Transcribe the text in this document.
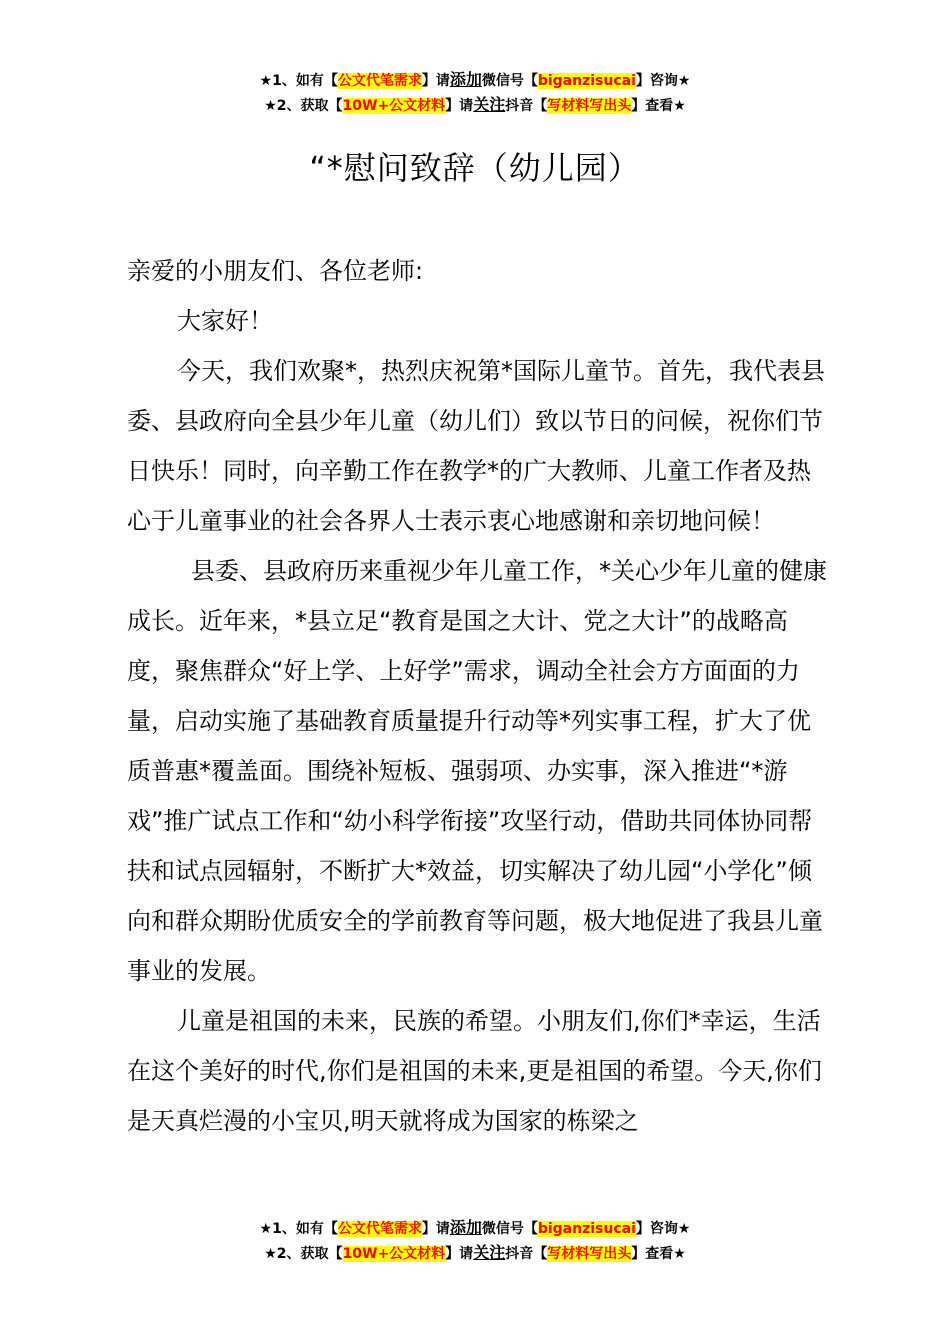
★1、如有【公文代笔需求】请添加微信号【biganzisucai】咨询★
★2、获取【10W+公文材料】请关注抖音【写材料写出头】查看★
“*慰问致辞（幼儿园）

亲爱的小朋友们、各位老师:

大家好！

今天，我们欢聚*，热烈庆祝第*国际儿童节。首先，我代表县委、县政府向全县少年儿童（幼儿们）致以节日的问候，祝你们节日快乐！同时，向辛勤工作在教学*的广大教师、儿童工作者及热心于儿童事业的社会各界人士表示衷心地感谢和亲切地问候！

县委、县政府历来重视少年儿童工作，*关心少年儿童的健康成长。近年来，*县立足“教育是国之大计、党之大计”的战略高度，聚焦群众“好上学、上好学”需求，调动全社会方方面面的力量，启动实施了基础教育质量提升行动等*列实事工程，扩大了优质普惠*覆盖面。围绕补短板、强弱项、办实事，深入推进“*游戏”推广试点工作和“幼小科学衔接”攻坚行动，借助共同体协同帮扶和试点园辐射，不断扩大*效益，切实解决了幼儿园“小学化”倾向和群众期盼优质安全的学前教育等问题，极大地促进了我县儿童事业的发展。

儿童是祖国的未来，民族的希望。小朋友们,你们*幸运，生活在这个美好的时代,你们是祖国的未来,更是祖国的希望。今天,你们是天真烂漫的小宝贝,明天就将成为国家的栋梁之

★1、如有【公文代笔需求】请添加微信号【biganzisucai】咨询★
★2、获取【10W+公文材料】请关注抖音【写材料写出头】查看★
